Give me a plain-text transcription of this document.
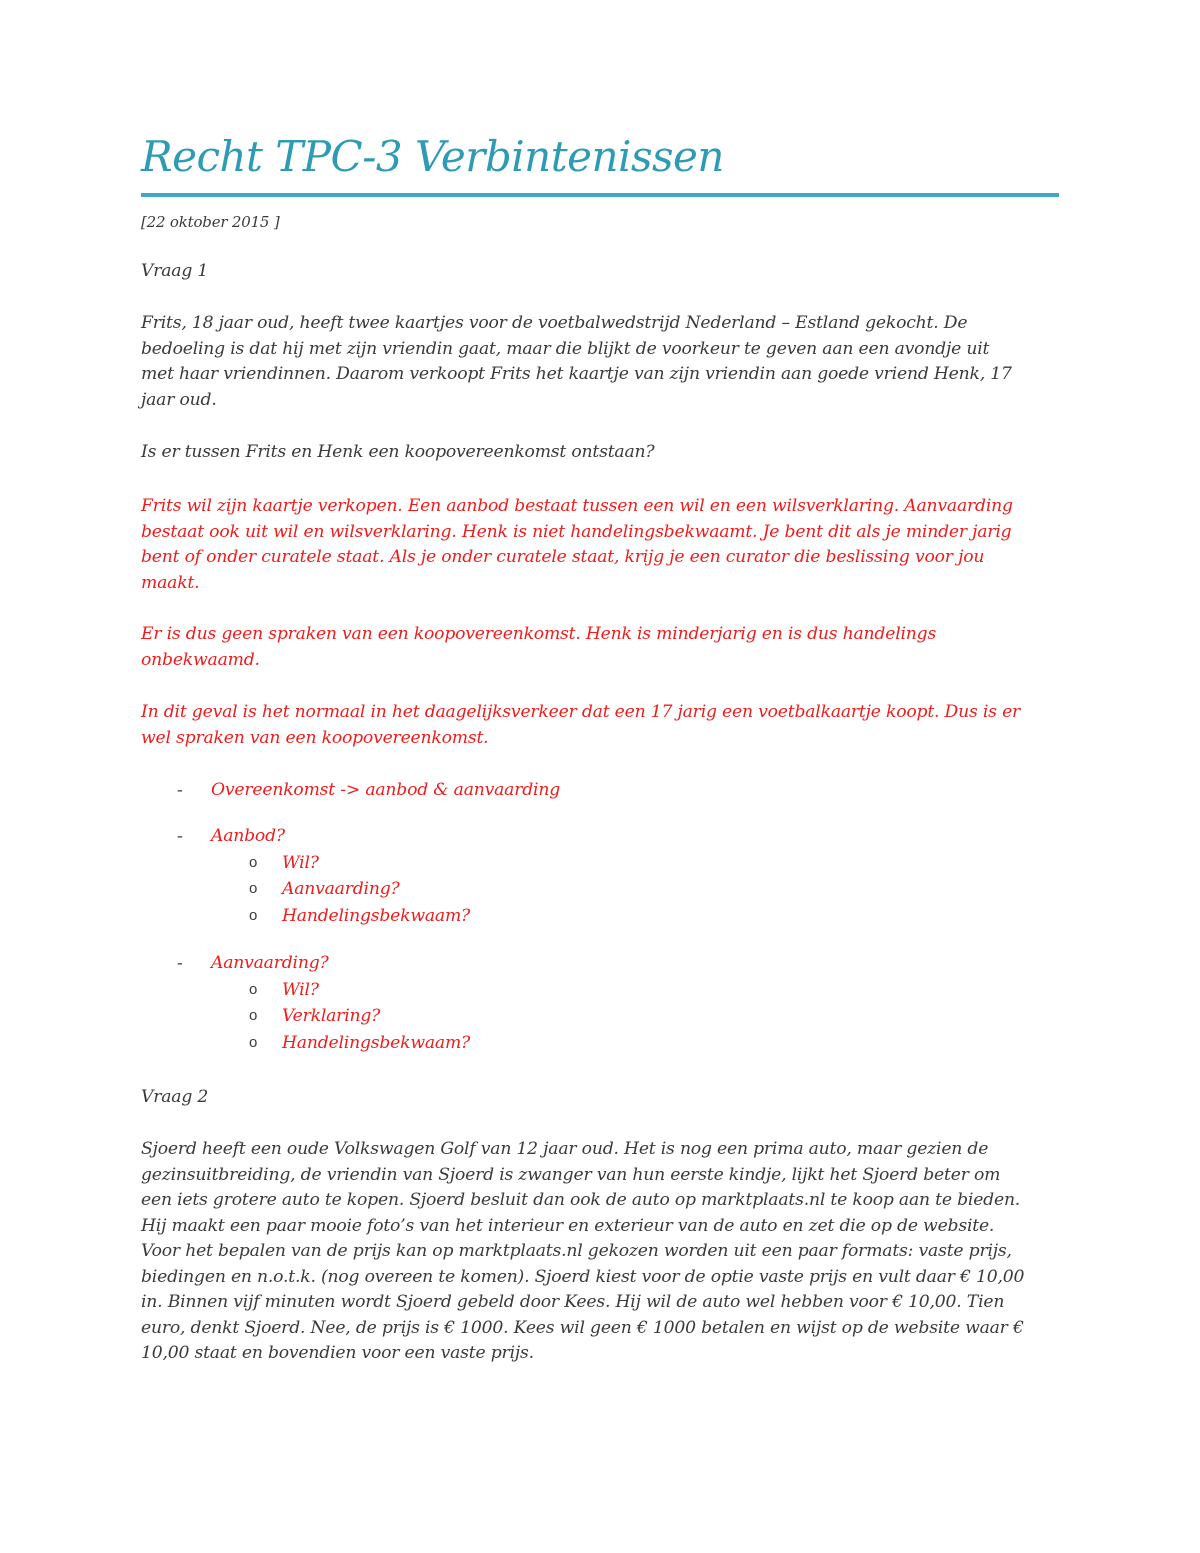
Recht TPC-3 Verbintenissen

[22 oktober 2015 ]

Vraag 1

Frits, 18 jaar oud, heeft twee kaartjes voor de voetbalwedstrijd Nederland – Estland gekocht. De
bedoeling is dat hij met zijn vriendin gaat, maar die blijkt de voorkeur te geven aan een avondje uit
met haar vriendinnen. Daarom verkoopt Frits het kaartje van zijn vriendin aan goede vriend Henk, 17
jaar oud.

Is er tussen Frits en Henk een koopovereenkomst ontstaan?

Frits wil zijn kaartje verkopen. Een aanbod bestaat tussen een wil en een wilsverklaring. Aanvaarding
bestaat ook uit wil en wilsverklaring. Henk is niet handelingsbekwaamt. Je bent dit als je minder jarig
bent of onder curatele staat. Als je onder curatele staat, krijg je een curator die beslissing voor jou
maakt.
Er is dus geen spraken van een koopovereenkomst. Henk is minderjarig en is dus handelings
onbekwaamd.
In dit geval is het normaal in het daagelijksverkeer dat een 17 jarig een voetbalkaartje koopt. Dus is er
wel spraken van een koopovereenkomst.
- Overeenkomst -> aanbod & aanvaarding
- Aanbod?
o Wil?
o Aanvaarding?
o Handelingsbekwaam?
- Aanvaarding?
o Wil?
o Verklaring?
o Handelingsbekwaam?

Vraag 2

Sjoerd heeft een oude Volkswagen Golf van 12 jaar oud. Het is nog een prima auto, maar gezien de
gezinsuitbreiding, de vriendin van Sjoerd is zwanger van hun eerste kindje, lijkt het Sjoerd beter om
een iets grotere auto te kopen. Sjoerd besluit dan ook de auto op marktplaats.nl te koop aan te bieden.
Hij maakt een paar mooie foto’s van het interieur en exterieur van de auto en zet die op de website.
Voor het bepalen van de prijs kan op marktplaats.nl gekozen worden uit een paar formats: vaste prijs,
biedingen en n.o.t.k. (nog overeen te komen). Sjoerd kiest voor de optie vaste prijs en vult daar € 10,00
in. Binnen vijf minuten wordt Sjoerd gebeld door Kees. Hij wil de auto wel hebben voor € 10,00. Tien
euro, denkt Sjoerd. Nee, de prijs is € 1000. Kees wil geen € 1000 betalen en wijst op de website waar €
10,00 staat en bovendien voor een vaste prijs.
